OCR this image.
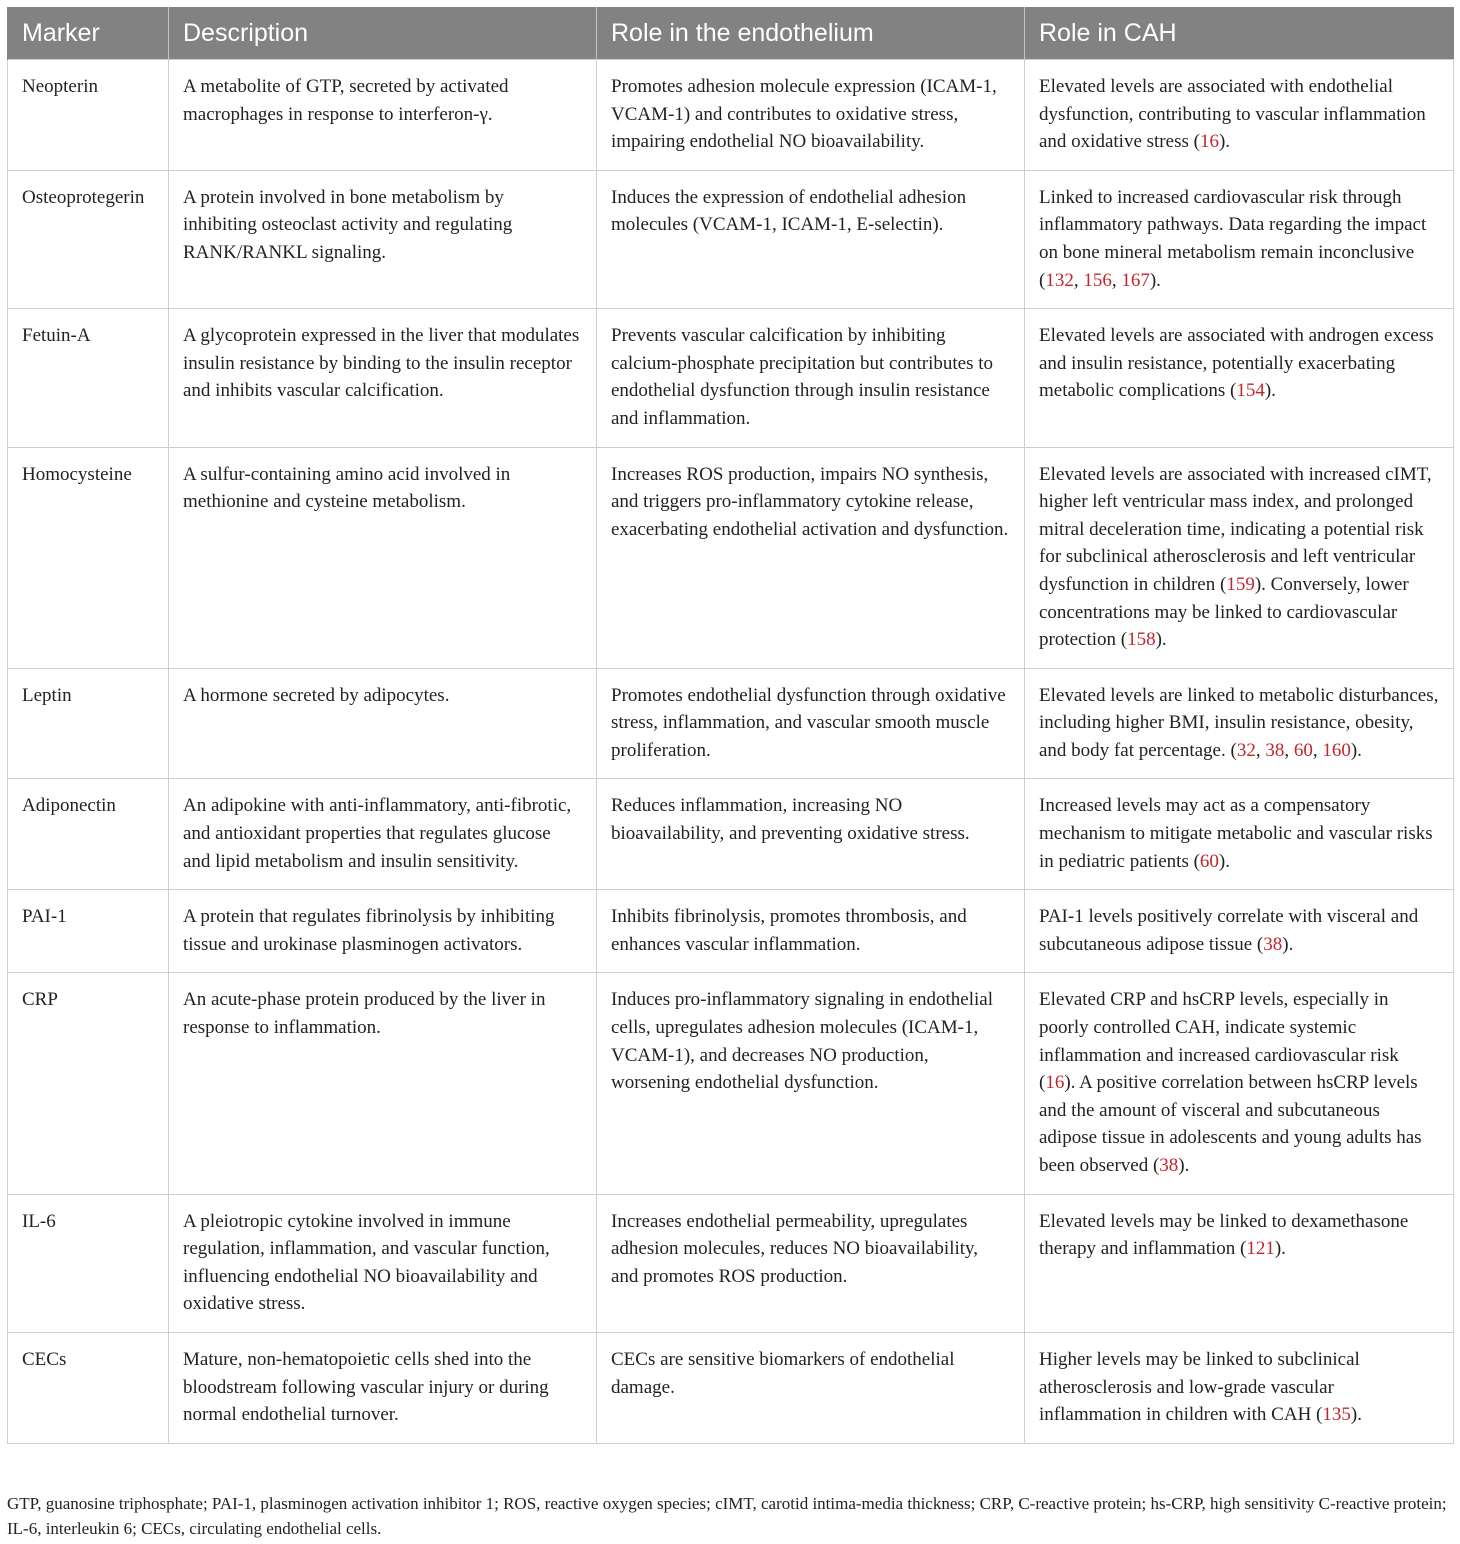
Marker	Description	Role in the endothelium	Role in CAH
Neopterin	A metabolite of GTP, secreted by activated macrophages in response to interferon-γ.	Promotes adhesion molecule expression (ICAM-1, VCAM-1) and contributes to oxidative stress, impairing endothelial NO bioavailability.	Elevated levels are associated with endothelial dysfunction, contributing to vascular inflammation and oxidative stress (16).
Osteoprotegerin	A protein involved in bone metabolism by inhibiting osteoclast activity and regulating RANK/RANKL signaling.	Induces the expression of endothelial adhesion molecules (VCAM-1, ICAM-1, E-selectin).	Linked to increased cardiovascular risk through inflammatory pathways. Data regarding the impact on bone mineral metabolism remain inconclusive (132, 156, 167).
Fetuin-A	A glycoprotein expressed in the liver that modulates insulin resistance by binding to the insulin receptor and inhibits vascular calcification.	Prevents vascular calcification by inhibiting calcium-phosphate precipitation but contributes to endothelial dysfunction through insulin resistance and inflammation.	Elevated levels are associated with androgen excess and insulin resistance, potentially exacerbating metabolic complications (154).
Homocysteine	A sulfur-containing amino acid involved in methionine and cysteine metabolism.	Increases ROS production, impairs NO synthesis, and triggers pro-inflammatory cytokine release, exacerbating endothelial activation and dysfunction.	Elevated levels are associated with increased cIMT, higher left ventricular mass index, and prolonged mitral deceleration time, indicating a potential risk for subclinical atherosclerosis and left ventricular dysfunction in children (159). Conversely, lower concentrations may be linked to cardiovascular protection (158).
Leptin	A hormone secreted by adipocytes.	Promotes endothelial dysfunction through oxidative stress, inflammation, and vascular smooth muscle proliferation.	Elevated levels are linked to metabolic disturbances, including higher BMI, insulin resistance, obesity, and body fat percentage. (32, 38, 60, 160).
Adiponectin	An adipokine with anti-inflammatory, anti-fibrotic, and antioxidant properties that regulates glucose and lipid metabolism and insulin sensitivity.	Reduces inflammation, increasing NO bioavailability, and preventing oxidative stress.	Increased levels may act as a compensatory mechanism to mitigate metabolic and vascular risks in pediatric patients (60).
PAI-1	A protein that regulates fibrinolysis by inhibiting tissue and urokinase plasminogen activators.	Inhibits fibrinolysis, promotes thrombosis, and enhances vascular inflammation.	PAI-1 levels positively correlate with visceral and subcutaneous adipose tissue (38).
CRP	An acute-phase protein produced by the liver in response to inflammation.	Induces pro-inflammatory signaling in endothelial cells, upregulates adhesion molecules (ICAM-1, VCAM-1), and decreases NO production, worsening endothelial dysfunction.	Elevated CRP and hsCRP levels, especially in poorly controlled CAH, indicate systemic inflammation and increased cardiovascular risk (16). A positive correlation between hsCRP levels and the amount of visceral and subcutaneous adipose tissue in adolescents and young adults has been observed (38).
IL-6	A pleiotropic cytokine involved in immune regulation, inflammation, and vascular function, influencing endothelial NO bioavailability and oxidative stress.	Increases endothelial permeability, upregulates adhesion molecules, reduces NO bioavailability, and promotes ROS production.	Elevated levels may be linked to dexamethasone therapy and inflammation (121).
CECs	Mature, non-hematopoietic cells shed into the bloodstream following vascular injury or during normal endothelial turnover.	CECs are sensitive biomarkers of endothelial damage.	Higher levels may be linked to subclinical atherosclerosis and low-grade vascular inflammation in children with CAH (135).
GTP, guanosine triphosphate; PAI-1, plasminogen activation inhibitor 1; ROS, reactive oxygen species; cIMT, carotid intima-media thickness; CRP, C-reactive protein; hs-CRP, high sensitivity C-reactive protein; IL-6, interleukin 6; CECs, circulating endothelial cells.
